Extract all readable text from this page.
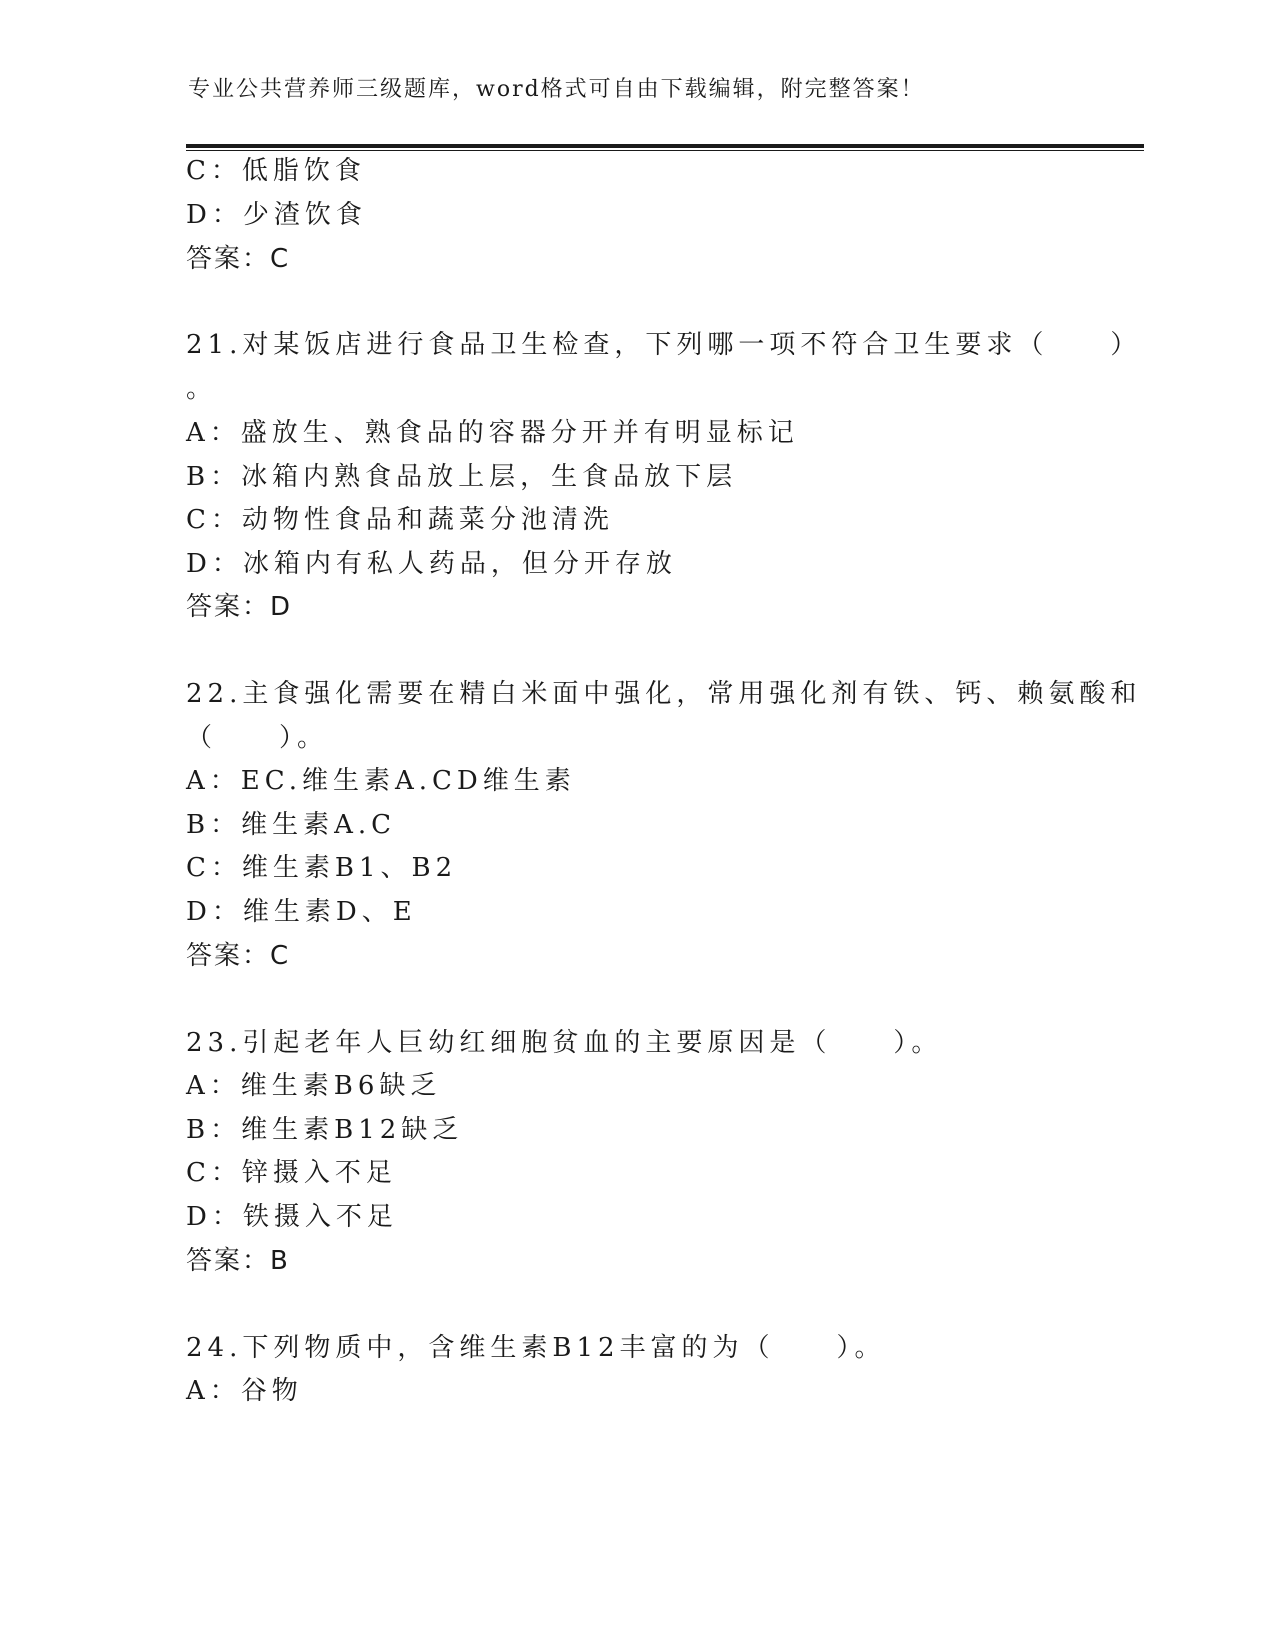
专业公共营养师三级题库，word格式可自由下载编辑，附完整答案！
C：低脂饮食
D：少渣饮食
答案：C
21.对某饭店进行食品卫生检查，下列哪一项不符合卫生要求（　　）
。
A：盛放生、熟食品的容器分开并有明显标记
B：冰箱内熟食品放上层，生食品放下层
C：动物性食品和蔬菜分池清洗
D：冰箱内有私人药品，但分开存放
答案：D
22.主食强化需要在精白米面中强化，常用强化剂有铁、钙、赖氨酸和
（　　）。
A：EC.维生素A.CD维生素
B：维生素A.C
C：维生素B1、B2
D：维生素D、E
答案：C
23.引起老年人巨幼红细胞贫血的主要原因是（　　）。
A：维生素B6缺乏
B：维生素B12缺乏
C：锌摄入不足
D：铁摄入不足
答案：B
24.下列物质中，含维生素B12丰富的为（　　）。
A：谷物
